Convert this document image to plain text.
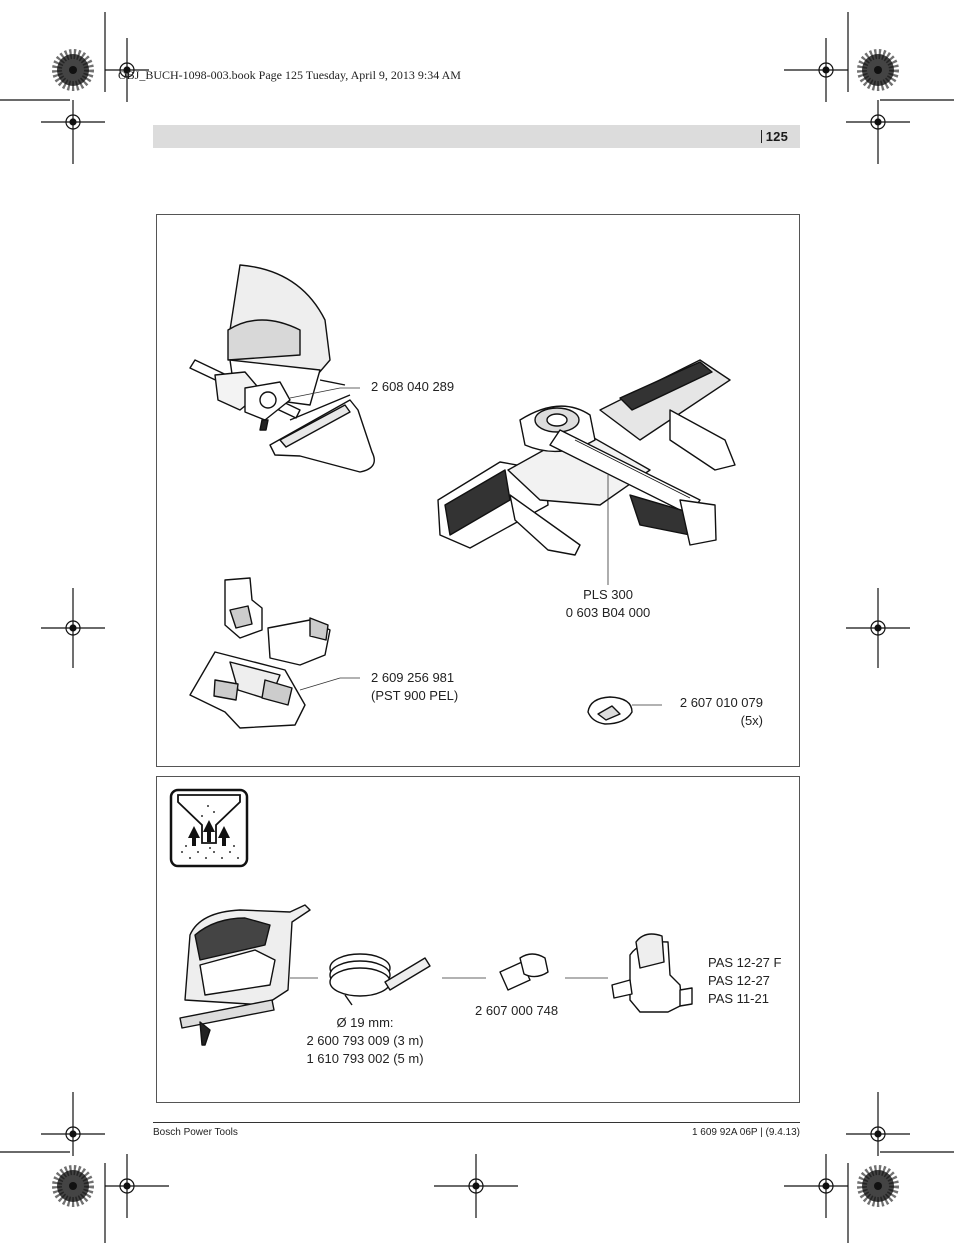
OBJ_BUCH-1098-003.book Page 125 Tuesday, April 9, 2013 9:34 AM
125
2 608 040 289
PLS 300
0 603 B04 000
2 609 256 981
(PST 900 PEL)	2 607 010 079
(5x)
Ø 19 mm:
2 600 793 009 (3 m)
1 610 793 002 (5 m)
2 607 000 748
PAS 12-27 F
PAS 12-27
PAS 11-21
Bosch Power Tools	1 609 92A 06P | (9.4.13)
